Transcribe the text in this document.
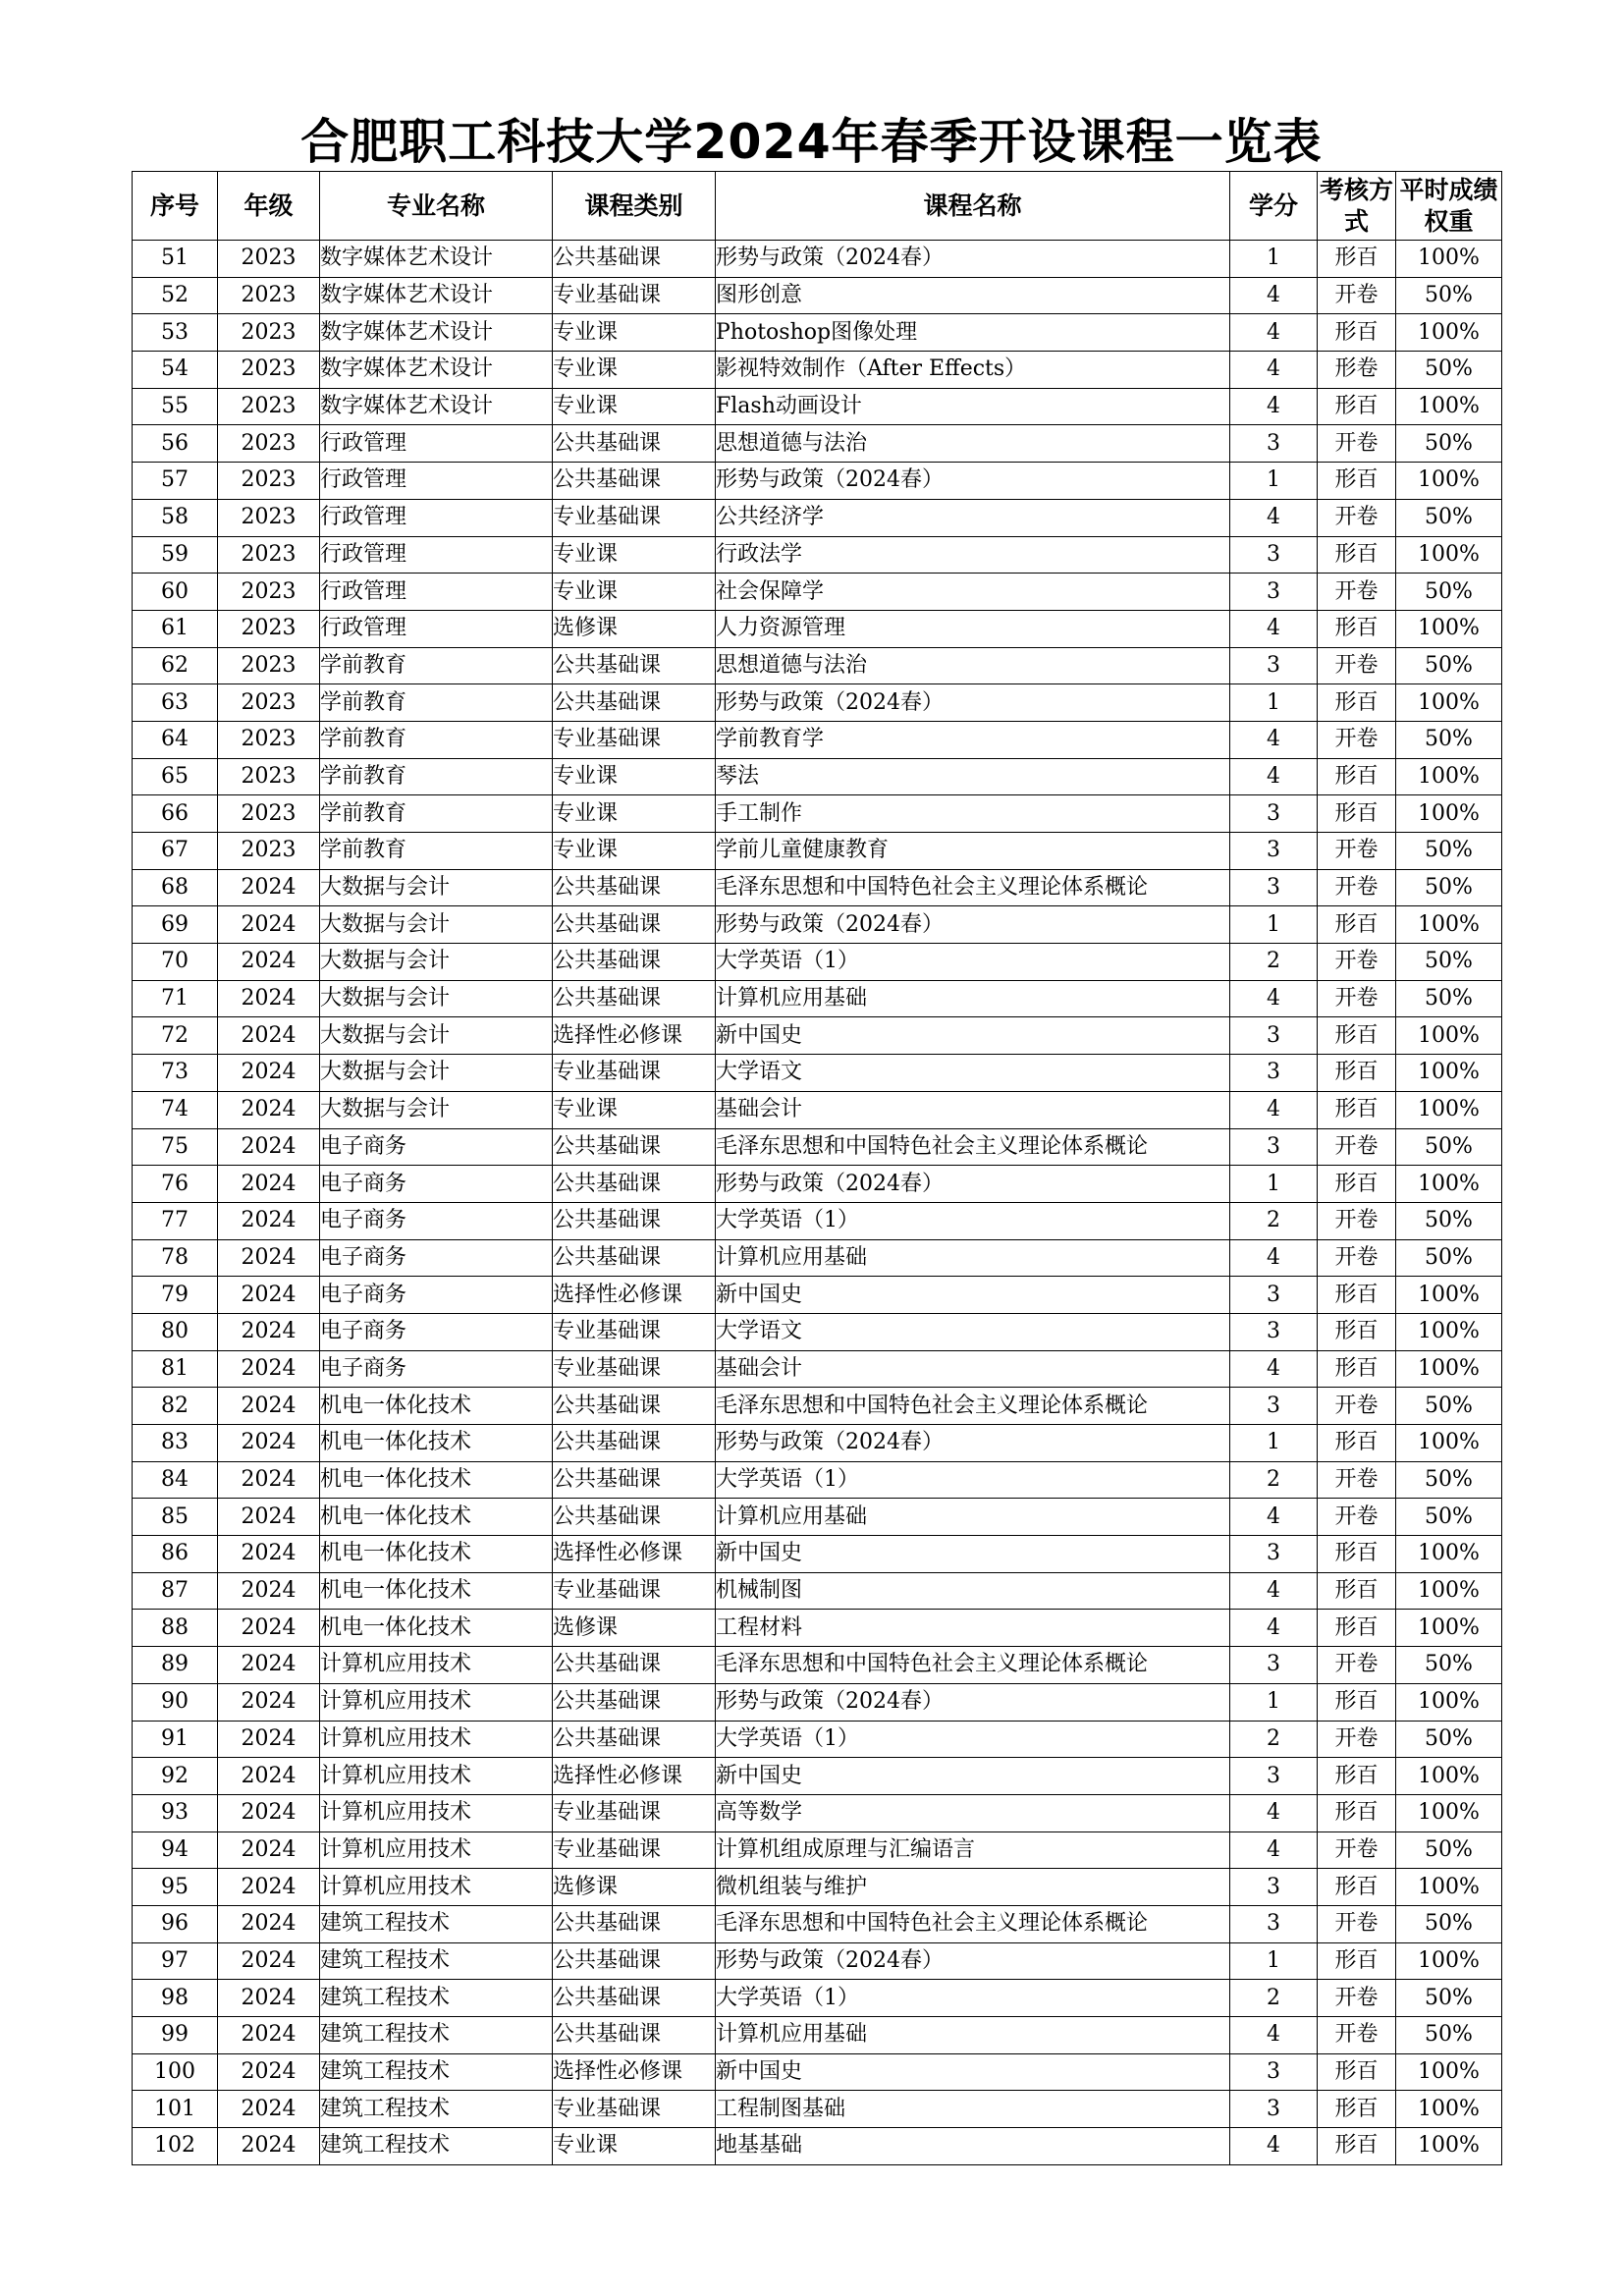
合肥职工科技大学2024年春季开设课程一览表
序号	年级	专业名称	课程类别	课程名称	学分	考核方式	平时成绩权重
51	2023	数字媒体艺术设计	公共基础课	形势与政策（2024春）	1	形百	100%
52	2023	数字媒体艺术设计	专业基础课	图形创意	4	开卷	50%
53	2023	数字媒体艺术设计	专业课	Photoshop图像处理	4	形百	100%
54	2023	数字媒体艺术设计	专业课	影视特效制作（After Effects）	4	形卷	50%
55	2023	数字媒体艺术设计	专业课	Flash动画设计	4	形百	100%
56	2023	行政管理	公共基础课	思想道德与法治	3	开卷	50%
57	2023	行政管理	公共基础课	形势与政策（2024春）	1	形百	100%
58	2023	行政管理	专业基础课	公共经济学	4	开卷	50%
59	2023	行政管理	专业课	行政法学	3	形百	100%
60	2023	行政管理	专业课	社会保障学	3	开卷	50%
61	2023	行政管理	选修课	人力资源管理	4	形百	100%
62	2023	学前教育	公共基础课	思想道德与法治	3	开卷	50%
63	2023	学前教育	公共基础课	形势与政策（2024春）	1	形百	100%
64	2023	学前教育	专业基础课	学前教育学	4	开卷	50%
65	2023	学前教育	专业课	琴法	4	形百	100%
66	2023	学前教育	专业课	手工制作	3	形百	100%
67	2023	学前教育	专业课	学前儿童健康教育	3	开卷	50%
68	2024	大数据与会计	公共基础课	毛泽东思想和中国特色社会主义理论体系概论	3	开卷	50%
69	2024	大数据与会计	公共基础课	形势与政策（2024春）	1	形百	100%
70	2024	大数据与会计	公共基础课	大学英语（1）	2	开卷	50%
71	2024	大数据与会计	公共基础课	计算机应用基础	4	开卷	50%
72	2024	大数据与会计	选择性必修课	新中国史	3	形百	100%
73	2024	大数据与会计	专业基础课	大学语文	3	形百	100%
74	2024	大数据与会计	专业课	基础会计	4	形百	100%
75	2024	电子商务	公共基础课	毛泽东思想和中国特色社会主义理论体系概论	3	开卷	50%
76	2024	电子商务	公共基础课	形势与政策（2024春）	1	形百	100%
77	2024	电子商务	公共基础课	大学英语（1）	2	开卷	50%
78	2024	电子商务	公共基础课	计算机应用基础	4	开卷	50%
79	2024	电子商务	选择性必修课	新中国史	3	形百	100%
80	2024	电子商务	专业基础课	大学语文	3	形百	100%
81	2024	电子商务	专业基础课	基础会计	4	形百	100%
82	2024	机电一体化技术	公共基础课	毛泽东思想和中国特色社会主义理论体系概论	3	开卷	50%
83	2024	机电一体化技术	公共基础课	形势与政策（2024春）	1	形百	100%
84	2024	机电一体化技术	公共基础课	大学英语（1）	2	开卷	50%
85	2024	机电一体化技术	公共基础课	计算机应用基础	4	开卷	50%
86	2024	机电一体化技术	选择性必修课	新中国史	3	形百	100%
87	2024	机电一体化技术	专业基础课	机械制图	4	形百	100%
88	2024	机电一体化技术	选修课	工程材料	4	形百	100%
89	2024	计算机应用技术	公共基础课	毛泽东思想和中国特色社会主义理论体系概论	3	开卷	50%
90	2024	计算机应用技术	公共基础课	形势与政策（2024春）	1	形百	100%
91	2024	计算机应用技术	公共基础课	大学英语（1）	2	开卷	50%
92	2024	计算机应用技术	选择性必修课	新中国史	3	形百	100%
93	2024	计算机应用技术	专业基础课	高等数学	4	形百	100%
94	2024	计算机应用技术	专业基础课	计算机组成原理与汇编语言	4	开卷	50%
95	2024	计算机应用技术	选修课	微机组装与维护	3	形百	100%
96	2024	建筑工程技术	公共基础课	毛泽东思想和中国特色社会主义理论体系概论	3	开卷	50%
97	2024	建筑工程技术	公共基础课	形势与政策（2024春）	1	形百	100%
98	2024	建筑工程技术	公共基础课	大学英语（1）	2	开卷	50%
99	2024	建筑工程技术	公共基础课	计算机应用基础	4	开卷	50%
100	2024	建筑工程技术	选择性必修课	新中国史	3	形百	100%
101	2024	建筑工程技术	专业基础课	工程制图基础	3	形百	100%
102	2024	建筑工程技术	专业课	地基基础	4	形百	100%
